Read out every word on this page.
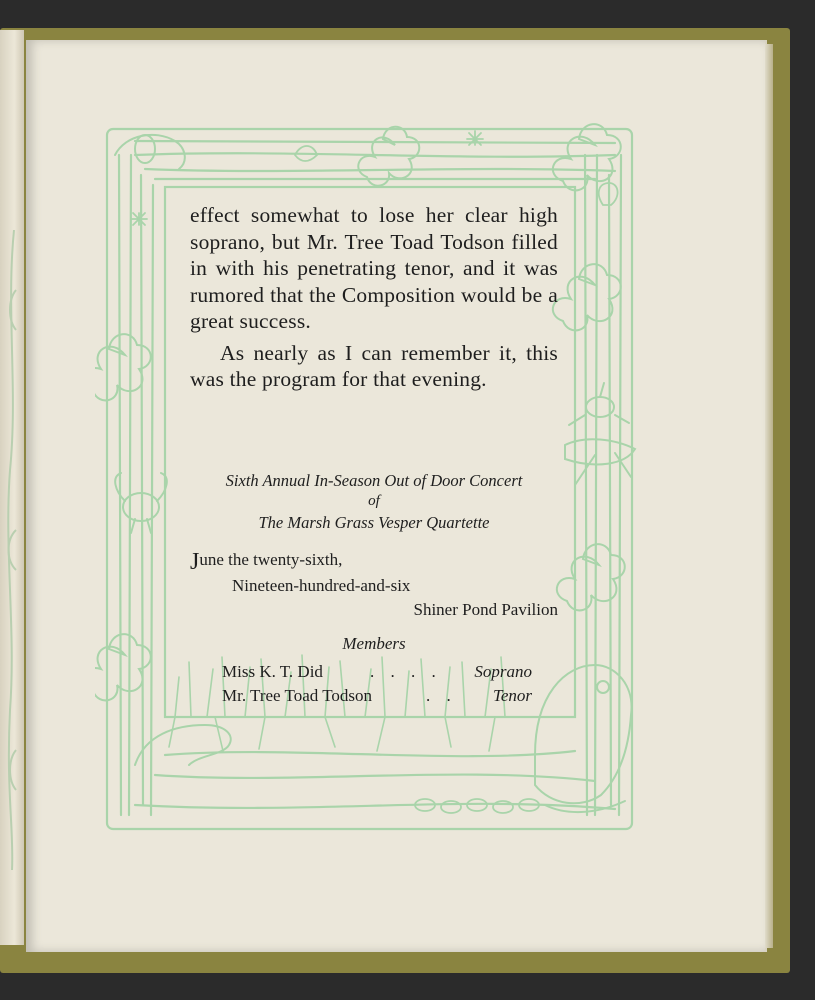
effect somewhat to lose her clear high soprano, but Mr. Tree Toad Todson filled in with his penetrating tenor, and it was rumored that the Composition would be a great success.

As nearly as I can remember it, this was the program for that evening.

Sixth Annual In-Season Out of Door Concert
of
The Marsh Grass Vesper Quartette
June the twenty-sixth,
Nineteen-hundred-and-six
Shiner Pond Pavilion
Members
Miss K. T. Did	. . . . Soprano
Mr. Tree Toad Todson	. . Tenor
